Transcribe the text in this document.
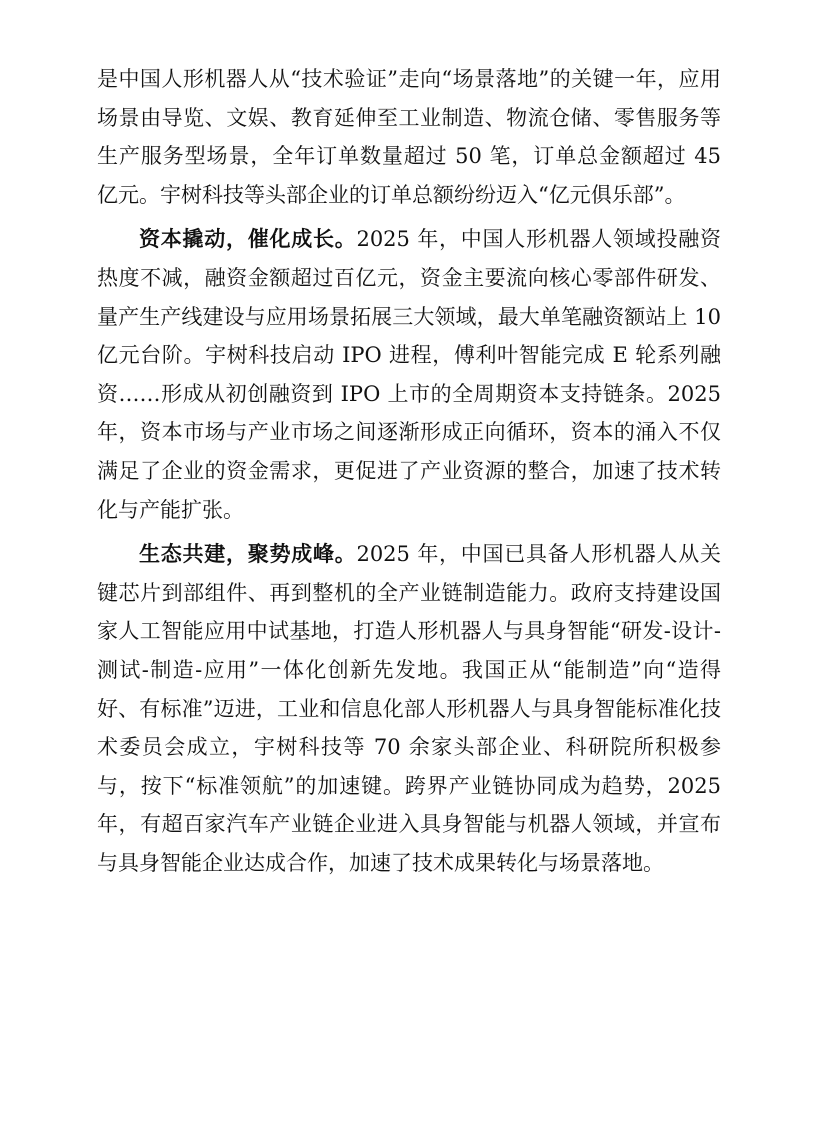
是中国人形机器人从“技术验证”走向“场景落地”的关键一年，应用场景由导览、文娱、教育延伸至工业制造、物流仓储、零售服务等生产服务型场景，全年订单数量超过 50 笔，订单总金额超过 45 亿元。宇树科技等头部企业的订单总额纷纷迈入“亿元俱乐部”。

资本撬动，催化成长。2025 年，中国人形机器人领域投融资热度不减，融资金额超过百亿元，资金主要流向核心零部件研发、量产生产线建设与应用场景拓展三大领域，最大单笔融资额站上 10 亿元台阶。宇树科技启动 IPO 进程，傅利叶智能完成 E 轮系列融资……形成从初创融资到 IPO 上市的全周期资本支持链条。2025 年，资本市场与产业市场之间逐渐形成正向循环，资本的涌入不仅满足了企业的资金需求，更促进了产业资源的整合，加速了技术转化与产能扩张。

生态共建，聚势成峰。2025 年，中国已具备人形机器人从关键芯片到部组件、再到整机的全产业链制造能力。政府支持建设国家人工智能应用中试基地，打造人形机器人与具身智能“研发-设计-测试-制造-应用”一体化创新先发地。我国正从“能制造”向“造得好、有标准”迈进，工业和信息化部人形机器人与具身智能标准化技术委员会成立，宇树科技等 70 余家头部企业、科研院所积极参与，按下“标准领航”的加速键。跨界产业链协同成为趋势，2025 年，有超百家汽车产业链企业进入具身智能与机器人领域，并宣布与具身智能企业达成合作，加速了技术成果转化与场景落地。
